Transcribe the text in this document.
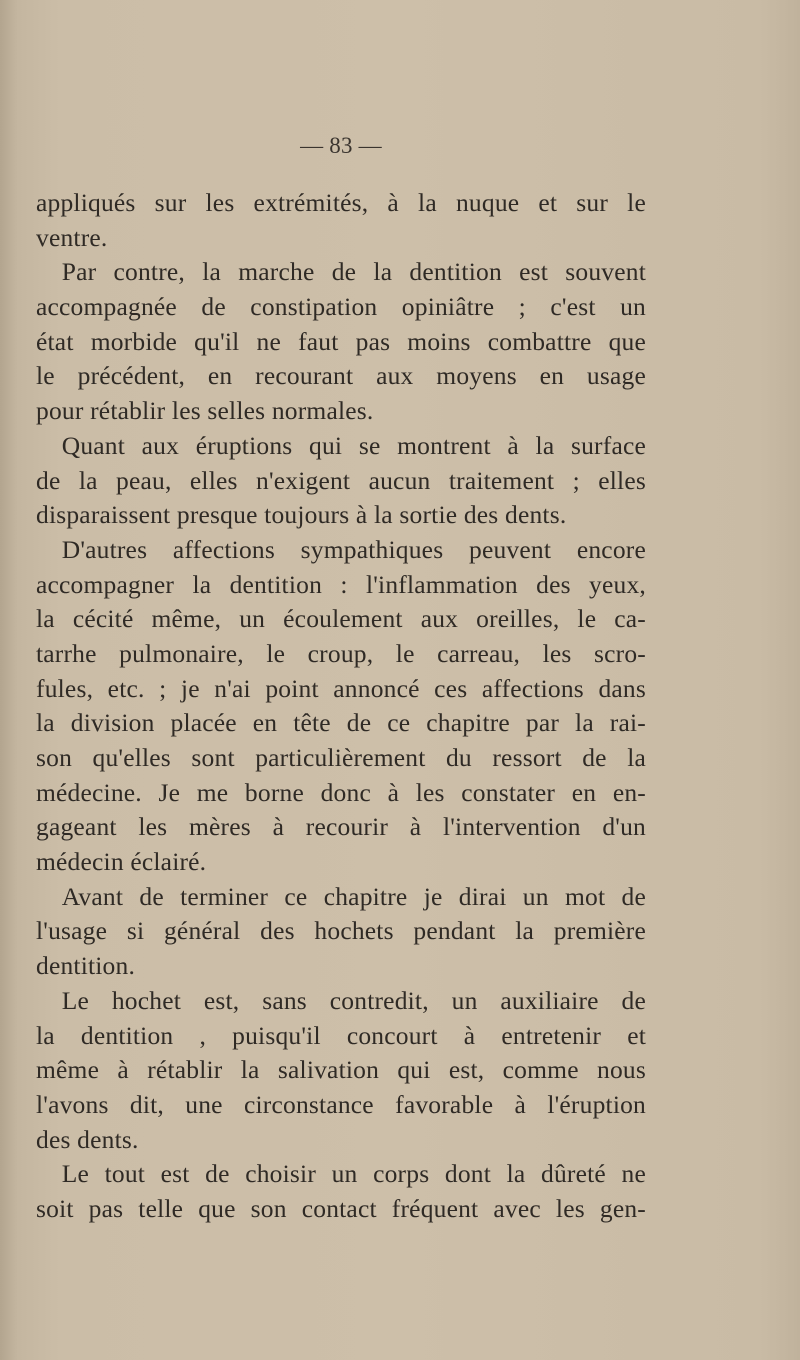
— 83 —
appliqués sur les extrémités, à la nuque et sur le
ventre.
 Par contre, la marche de la dentition est souvent
accompagnée de constipation opiniâtre ; c'est un
état morbide qu'il ne faut pas moins combattre que
le précédent, en recourant aux moyens en usage
pour rétablir les selles normales.
 Quant aux éruptions qui se montrent à la surface
de la peau, elles n'exigent aucun traitement ; elles
disparaissent presque toujours à la sortie des dents.
 D'autres affections sympathiques peuvent encore
accompagner la dentition : l'inflammation des yeux,
la cécité même, un écoulement aux oreilles, le ca-
tarrhe pulmonaire, le croup, le carreau, les scro-
fules, etc. ; je n'ai point annoncé ces affections dans
la division placée en tête de ce chapitre par la rai-
son qu'elles sont particulièrement du ressort de la
médecine. Je me borne donc à les constater en en-
gageant les mères à recourir à l'intervention d'un
médecin éclairé.
 Avant de terminer ce chapitre je dirai un mot de
l'usage si général des hochets pendant la première
dentition.
 Le hochet est, sans contredit, un auxiliaire de
la dentition , puisqu'il concourt à entretenir et
même à rétablir la salivation qui est, comme nous
l'avons dit, une circonstance favorable à l'éruption
des dents.
 Le tout est de choisir un corps dont la dûreté ne
soit pas telle que son contact fréquent avec les gen-
